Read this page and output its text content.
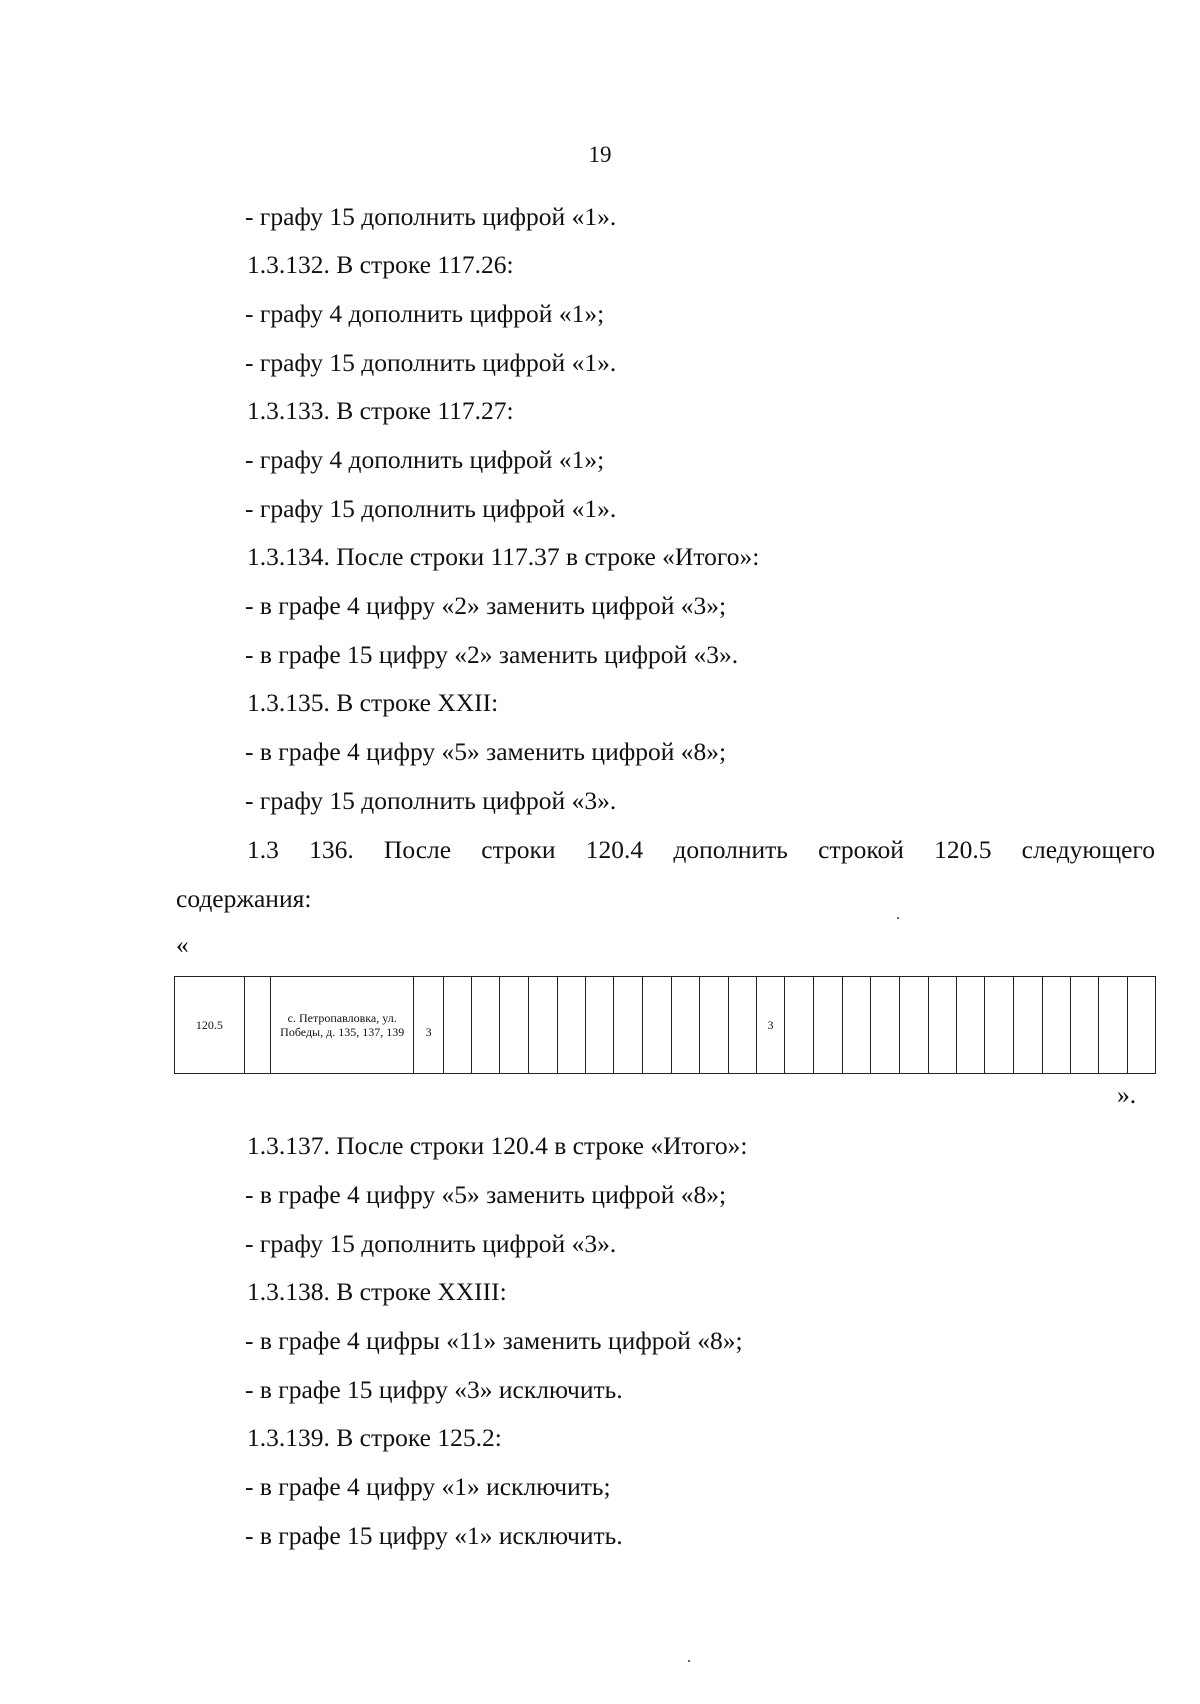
19
- графу 15 дополнить цифрой «1».
1.3.132. В строке 117.26:
- графу 4 дополнить цифрой «1»;
- графу 15 дополнить цифрой «1».
1.3.133. В строке 117.27:
- графу 4 дополнить цифрой «1»;
- графу 15 дополнить цифрой «1».
1.3.134. После строки 117.37 в строке «Итого»:
- в графе 4 цифру «2» заменить цифрой «3»;
- в графе 15 цифру «2» заменить цифрой «3».
1.3.135. В строке XXII:
- в графе 4 цифру «5» заменить цифрой «8»;
- графу 15 дополнить цифрой «3».
1.3 136. После строки 120.4 дополнить строкой 120.5 следующего
содержания:
«
120.5		с. Петропавловка, ул. Победы, д. 135, 137, 139	3												3													
».
1.3.137. После строки 120.4 в строке «Итого»:
- в графе 4 цифру «5» заменить цифрой «8»;
- графу 15 дополнить цифрой «3».
1.3.138. В строке XXIII:
- в графе 4 цифры «11» заменить цифрой «8»;
- в графе 15 цифру «3» исключить.
1.3.139. В строке 125.2:
- в графе 4 цифру «1» исключить;
- в графе 15 цифру «1» исключить.
